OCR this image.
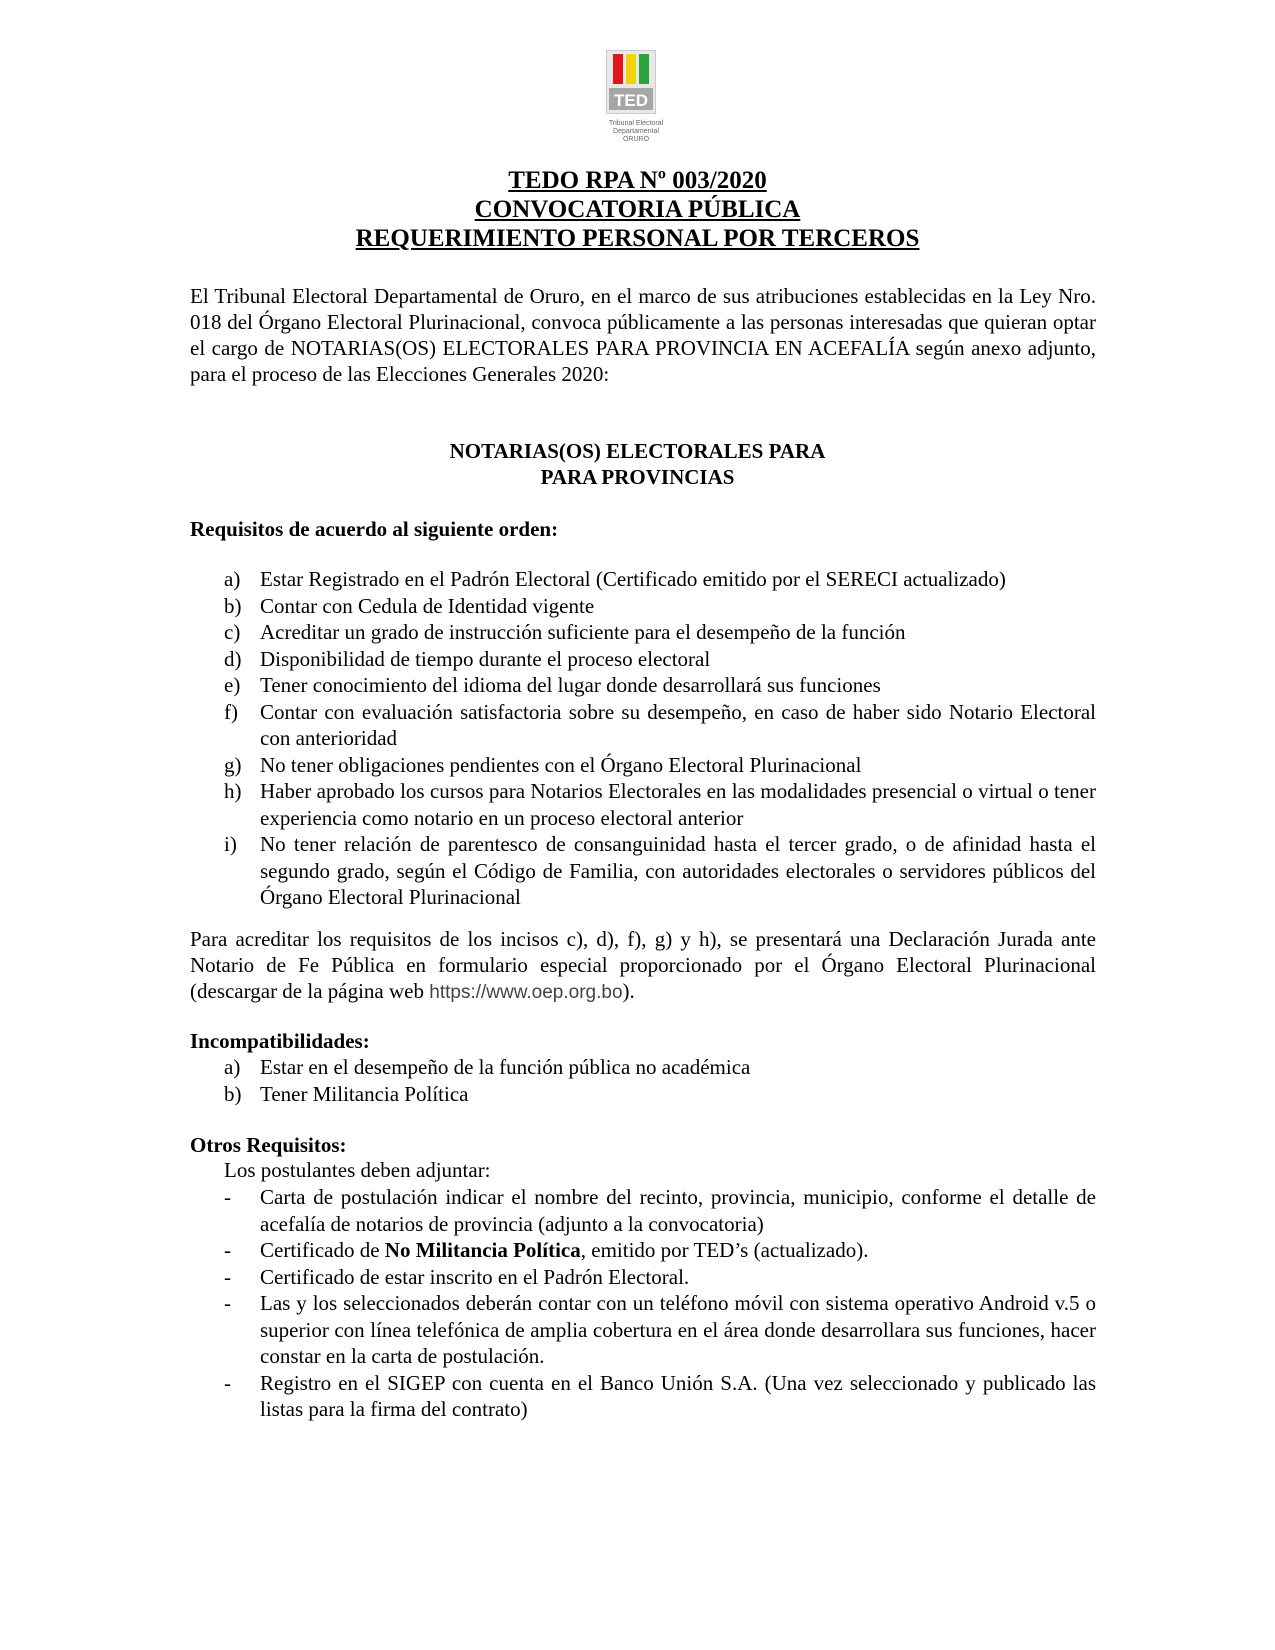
TED
Tribunal Electoral Departamental
ORURO
TEDO RPA Nº 003/2020
CONVOCATORIA PÚBLICA
REQUERIMIENTO PERSONAL POR TERCEROS
El Tribunal Electoral Departamental de Oruro, en el marco de sus atribuciones establecidas en la Ley Nro. 018 del Órgano Electoral Plurinacional, convoca públicamente a las personas interesadas que quieran optar el cargo de NOTARIAS(OS) ELECTORALES PARA PROVINCIA EN ACEFALÍA según anexo adjunto, para el proceso de las Elecciones Generales 2020:
NOTARIAS(OS) ELECTORALES PARA
PARA PROVINCIAS
Requisitos de acuerdo al siguiente orden:
a) Estar Registrado en el Padrón Electoral (Certificado emitido por el SERECI actualizado)
b) Contar con Cedula de Identidad vigente
c) Acreditar un grado de instrucción suficiente para el desempeño de la función
d) Disponibilidad de tiempo durante el proceso electoral
e) Tener conocimiento del idioma del lugar donde desarrollará sus funciones
f) Contar con evaluación satisfactoria sobre su desempeño, en caso de haber sido Notario Electoral con anterioridad
g) No tener obligaciones pendientes con el Órgano Electoral Plurinacional
h) Haber aprobado los cursos para Notarios Electorales en las modalidades presencial o virtual o tener experiencia como notario en un proceso electoral anterior
i) No tener relación de parentesco de consanguinidad hasta el tercer grado, o de afinidad hasta el segundo grado, según el Código de Familia, con autoridades electorales o servidores públicos del Órgano Electoral Plurinacional
Para acreditar los requisitos de los incisos c), d), f), g) y h), se presentará una Declaración Jurada ante Notario de Fe Pública en formulario especial proporcionado por el Órgano Electoral Plurinacional (descargar de la página web https://www.oep.org.bo).
Incompatibilidades:
a) Estar en el desempeño de la función pública no académica
b) Tener Militancia Política
Otros Requisitos:
Los postulantes deben adjuntar:
- Carta de postulación indicar el nombre del recinto, provincia, municipio, conforme el detalle de acefalía de notarios de provincia (adjunto a la convocatoria)
- Certificado de No Militancia Política, emitido por TED’s (actualizado).
- Certificado de estar inscrito en el Padrón Electoral.
- Las y los seleccionados deberán contar con un teléfono móvil con sistema operativo Android v.5 o superior con línea telefónica de amplia cobertura en el área donde desarrollara sus funciones, hacer constar en la carta de postulación.
- Registro en el SIGEP con cuenta en el Banco Unión S.A. (Una vez seleccionado y publicado las listas para la firma del contrato)
